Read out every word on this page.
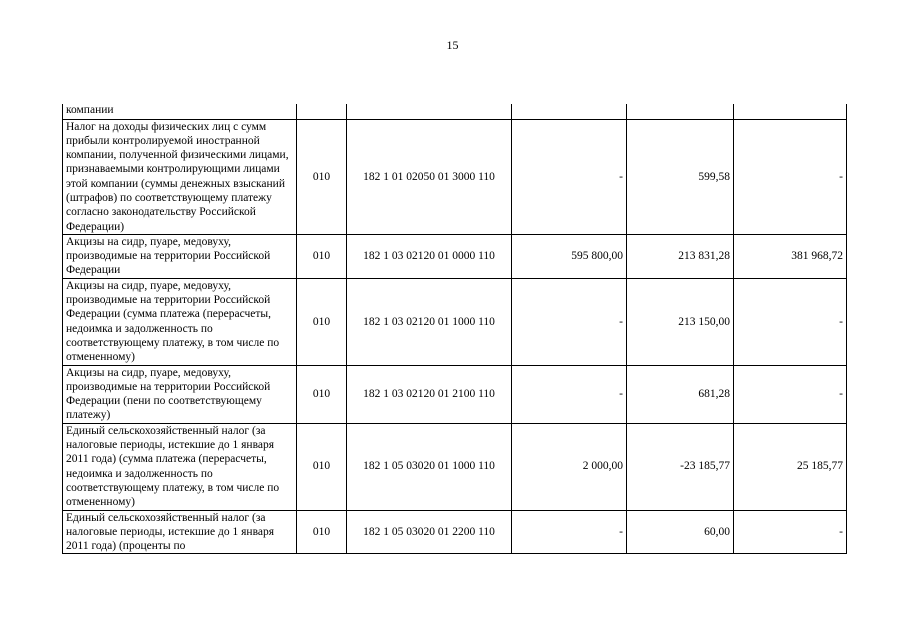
15
компании					
Налог на доходы физических лиц с сумм прибыли контролируемой иностранной компании, полученной физическими лицами, признаваемыми контролирующими лицами этой компании (суммы денежных взысканий (штрафов) по соответствующему платежу согласно законодательству Российской Федерации)	010	182 1 01 02050 01 3000 110	-	599,58	-
Акцизы на сидр, пуаре, медовуху, производимые на территории Российской Федерации	010	182 1 03 02120 01 0000 110	595 800,00	213 831,28	381 968,72
Акцизы на сидр, пуаре, медовуху, производимые на территории Российской Федерации (сумма платежа (перерасчеты, недоимка и задолженность по соответствующему платежу, в том числе по отмененному)	010	182 1 03 02120 01 1000 110	-	213 150,00	-
Акцизы на сидр, пуаре, медовуху, производимые на территории Российской Федерации (пени по соответствующему платежу)	010	182 1 03 02120 01 2100 110	-	681,28	-
Единый сельскохозяйственный налог (за налоговые периоды, истекшие до 1 января 2011 года) (сумма платежа (перерасчеты, недоимка и задолженность по соответствующему платежу, в том числе по отмененному)	010	182 1 05 03020 01 1000 110	2 000,00	-23 185,77	25 185,77
Единый сельскохозяйственный налог (за налоговые периоды, истекшие до 1 января 2011 года) (проценты по	010	182 1 05 03020 01 2200 110	-	60,00	-
